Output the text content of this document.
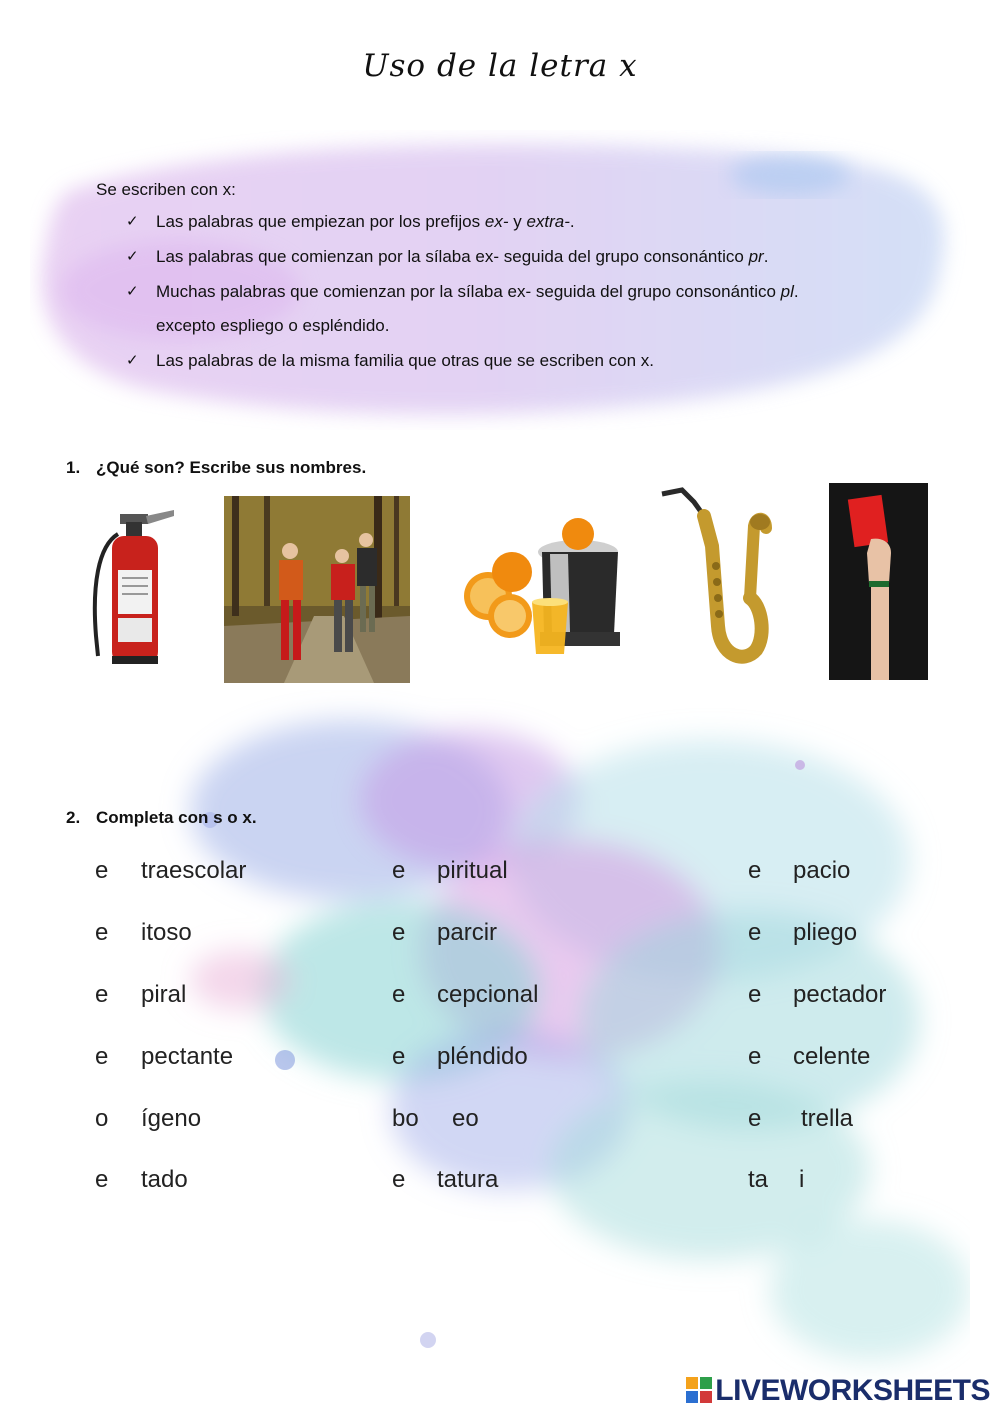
Uso de la letra x
Se escriben con x:
✓ Las palabras que empiezan por los prefijos ex- y extra-.
✓ Las palabras que comienzan por la sílaba ex- seguida del grupo consonántico pr.
✓ Muchas palabras que comienzan por la sílaba ex- seguida del grupo consonántico pl.
excepto espliego o espléndido.
✓ Las palabras de la misma familia que otras que se escriben con x.
1. ¿Qué son? Escribe sus nombres.
2. Completa con s o x.
e traescolar	e piritual	e pacio
e itoso	e parcir	e pliego
e piral	e cepcional	e pectador
e pectante	e pléndido	e celente
o ígeno	bo eo	e trella
e tado	e tatura	ta i
LIVEWORKSHEETS
